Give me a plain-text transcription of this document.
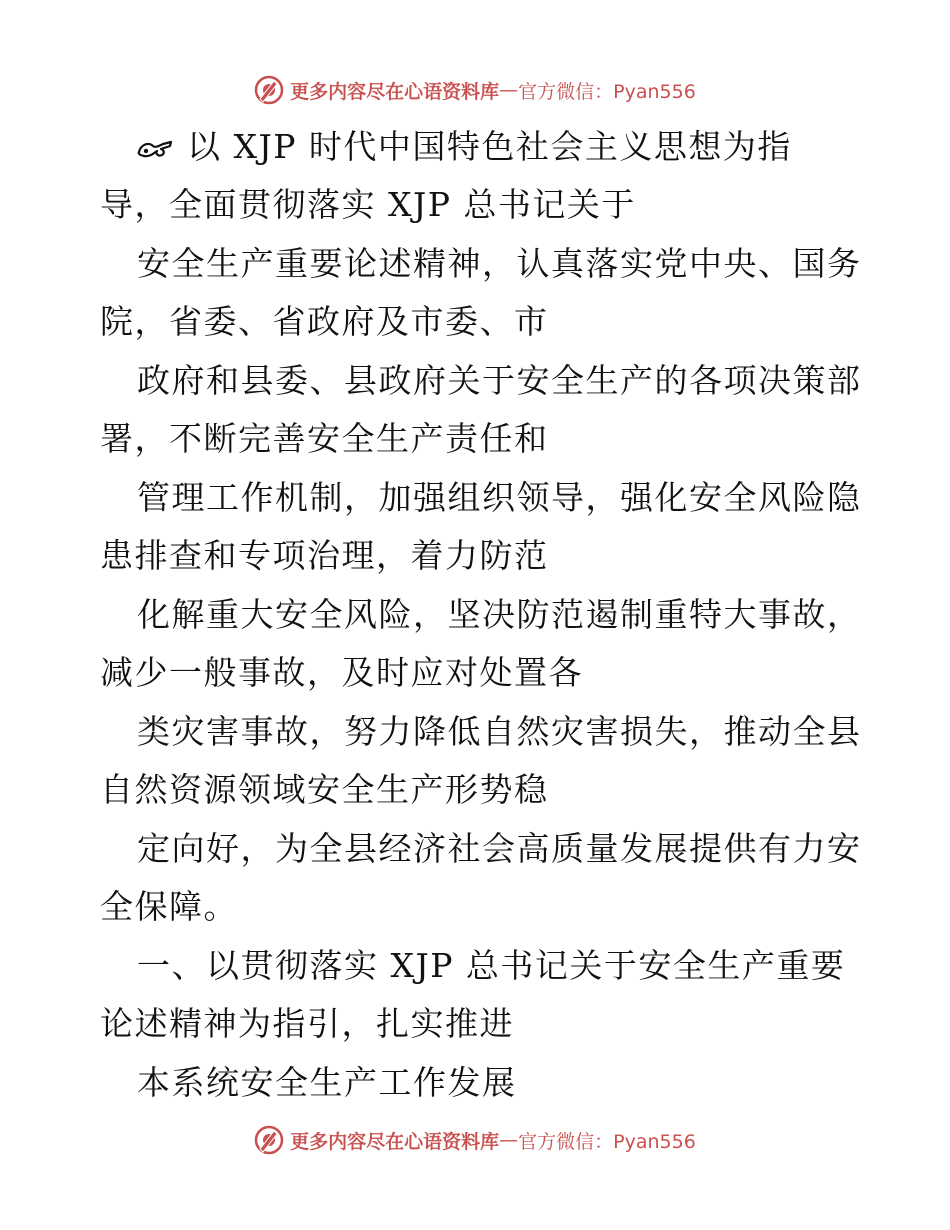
更多内容尽在心语资料库 — 官方微信：Pyan556

以 XJP 时代中国特色社会主义思想为指

导，全面贯彻落实 XJP 总书记关于

安全生产重要论述精神，认真落实党中央、国务

院，省委、省政府及市委、市

政府和县委、县政府关于安全生产的各项决策部

署，不断完善安全生产责任和

管理工作机制，加强组织领导，强化安全风险隐

患排查和专项治理，着力防范

化解重大安全风险，坚决防范遏制重特大事故，

减少一般事故，及时应对处置各

类灾害事故，努力降低自然灾害损失，推动全县

自然资源领域安全生产形势稳

定向好，为全县经济社会高质量发展提供有力安

全保障。

一、以贯彻落实 XJP 总书记关于安全生产重要

论述精神为指引，扎实推进

本系统安全生产工作发展

更多内容尽在心语资料库 — 官方微信：Pyan556
